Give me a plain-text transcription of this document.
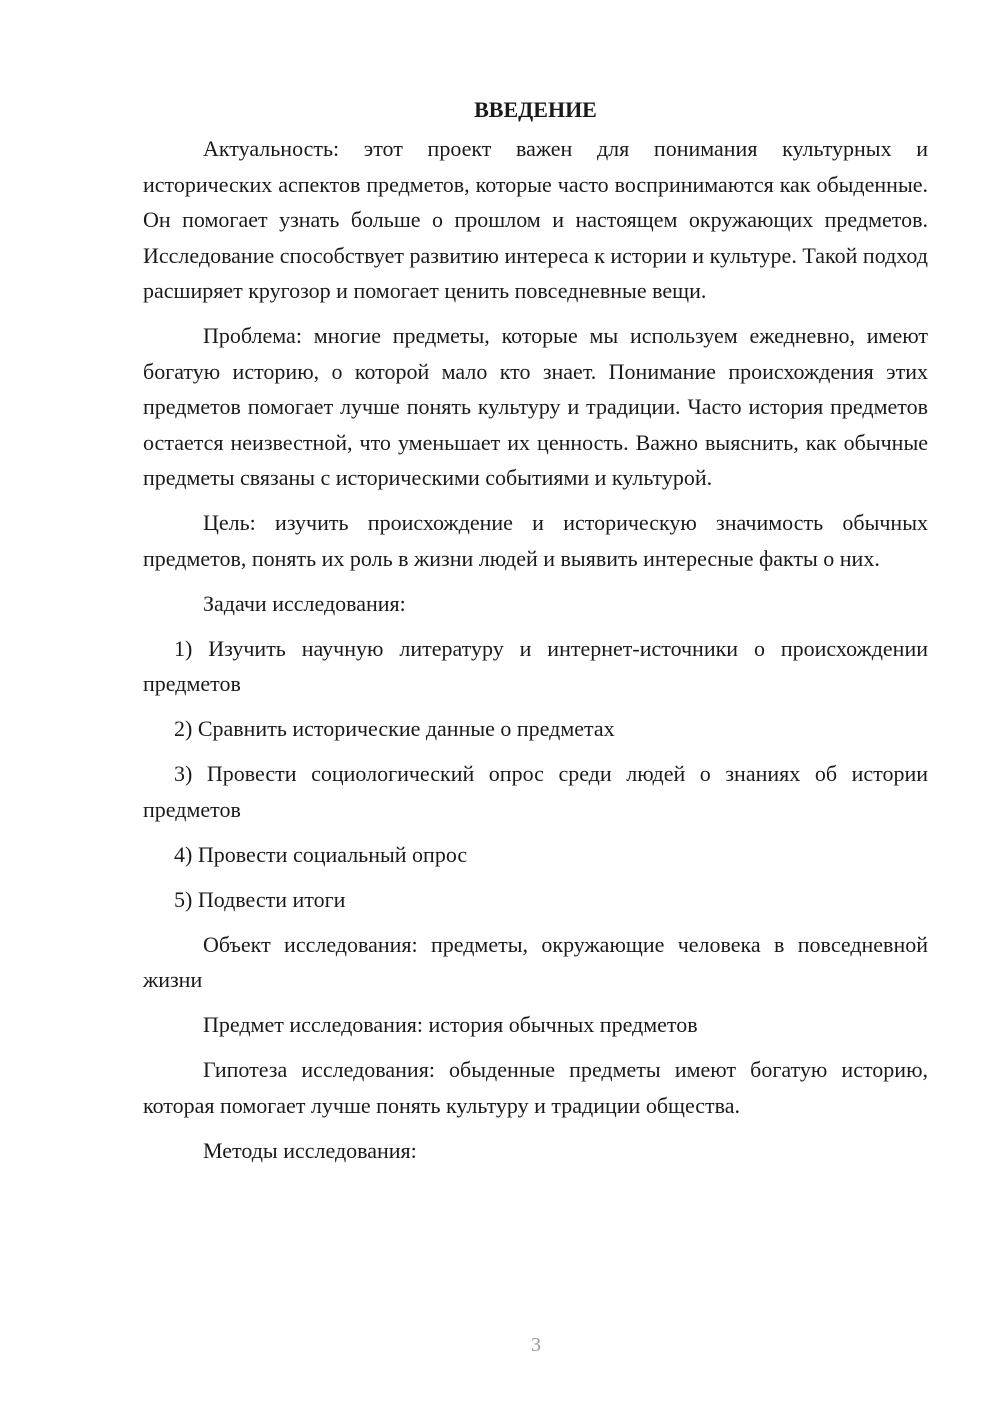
ВВЕДЕНИЕ

Актуальность: этот проект важен для понимания культурных и исторических аспектов предметов, которые часто воспринимаются как обыденные. Он помогает узнать больше о прошлом и настоящем окружающих предметов. Исследование способствует развитию интереса к истории и культуре. Такой подход расширяет кругозор и помогает ценить повседневные вещи.

Проблема: многие предметы, которые мы используем ежедневно, имеют богатую историю, о которой мало кто знает. Понимание происхождения этих предметов помогает лучше понять культуру и традиции. Часто история предметов остается неизвестной, что уменьшает их ценность. Важно выяснить, как обычные предметы связаны с историческими событиями и культурой.

Цель: изучить происхождение и историческую значимость обычных предметов, понять их роль в жизни людей и выявить интересные факты о них.

Задачи исследования:

1) Изучить научную литературу и интернет-источники о происхождении предметов

2) Сравнить исторические данные о предметах

3) Провести социологический опрос среди людей о знаниях об истории предметов

4) Провести социальный опрос

5) Подвести итоги

Объект исследования: предметы, окружающие человека в повседневной жизни

Предмет исследования: история обычных предметов

Гипотеза исследования: обыденные предметы имеют богатую историю, которая помогает лучше понять культуру и традиции общества.

Методы исследования:

3
